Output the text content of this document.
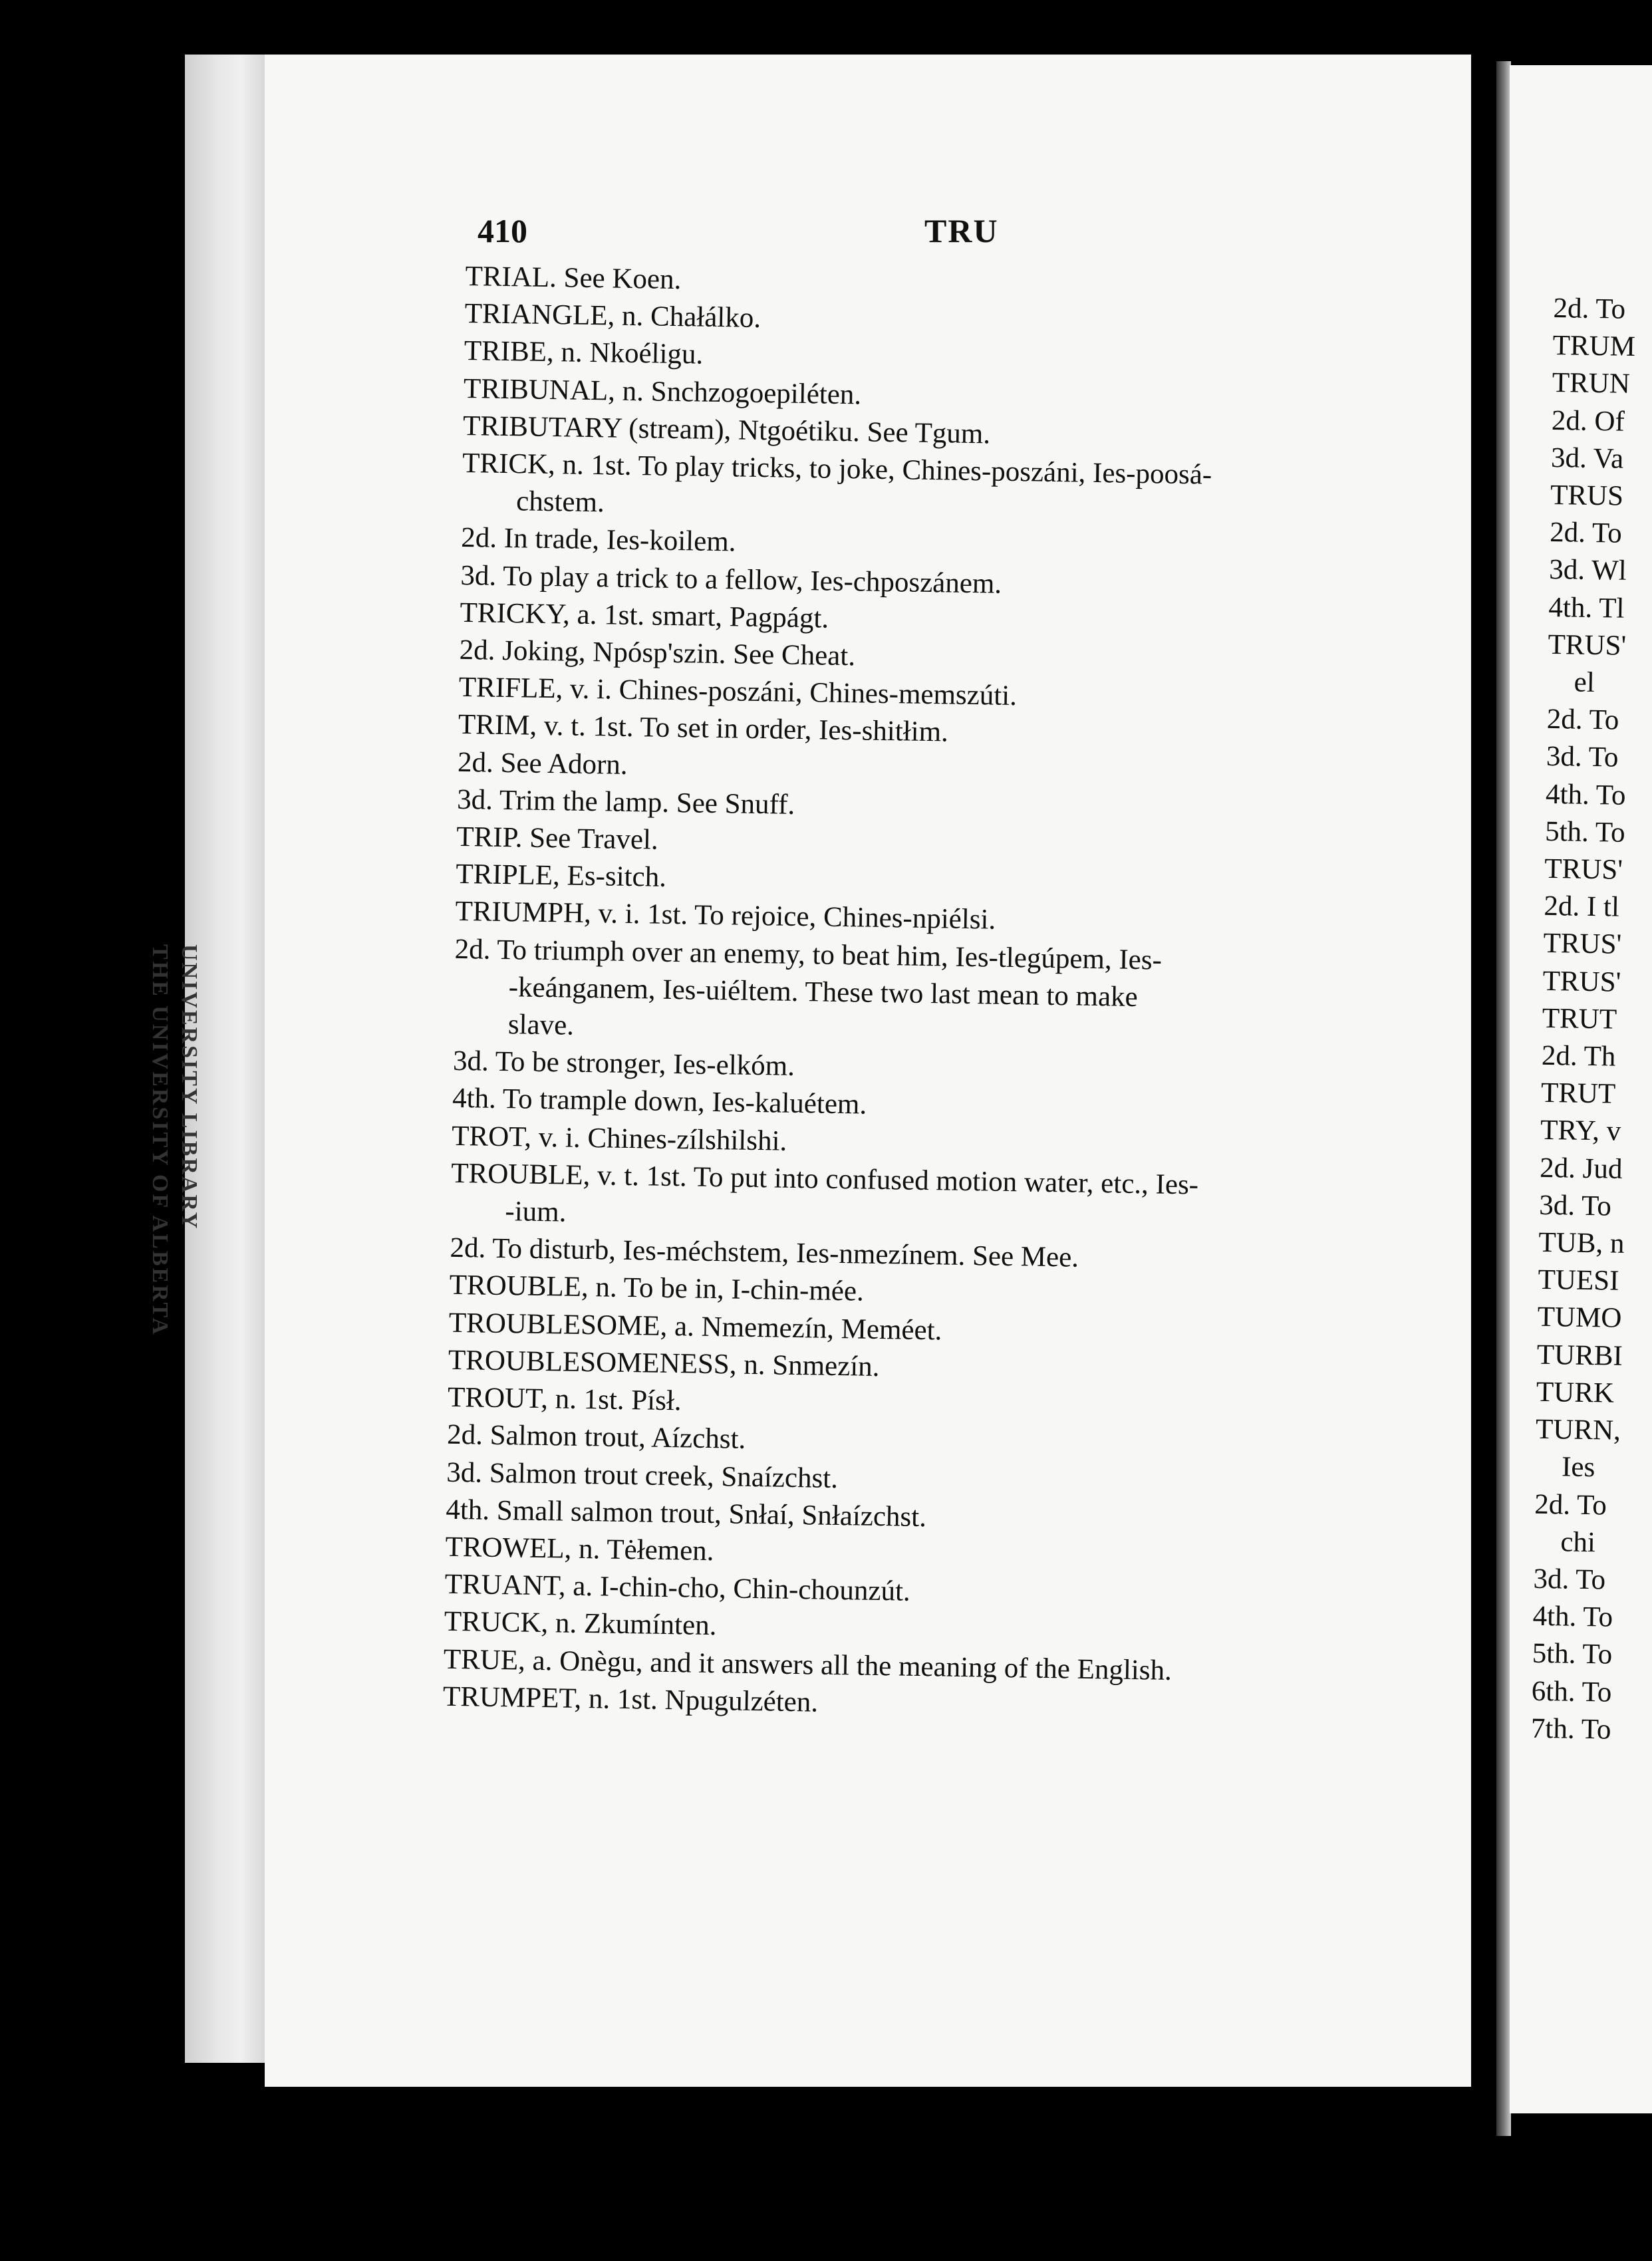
UNIVERSITY LIBRARY
THE UNIVERSITY OF ALBERTA
410	TRU
TRIAL. See Koen.
TRIANGLE, n. Chałálko.
TRIBE, n. Nkoéligu.
TRIBUNAL, n. Snchzogoepiléten.
TRIBUTARY (stream), Ntgoétiku. See Tgum.
TRICK, n. 1st. To play tricks, to joke, Chines-poszáni, Ies-poosá-
chstem.
2d. In trade, Ies-koilem.
3d. To play a trick to a fellow, Ies-chposzánem.
TRICKY, a. 1st. smart, Pagpágt.
2d. Joking, Npósp'szin. See Cheat.
TRIFLE, v. i. Chines-poszáni, Chines-memszúti.
TRIM, v. t. 1st. To set in order, Ies-shitłim.
2d. See Adorn.
3d. Trim the lamp. See Snuff.
TRIP. See Travel.
TRIPLE, Es-sitch.
TRIUMPH, v. i. 1st. To rejoice, Chines-npiélsi.
2d. To triumph over an enemy, to beat him, Ies-tlegúpem, Ies-
-keánganem, Ies-uiéltem. These two last mean to make
slave.
3d. To be stronger, Ies-elkóm.
4th. To trample down, Ies-kaluétem.
TROT, v. i. Chines-zílshilshi.
TROUBLE, v. t. 1st. To put into confused motion water, etc., Ies-
-ium.
2d. To disturb, Ies-méchstem, Ies-nmezínem. See Mee.
TROUBLE, n. To be in, I-chin-mée.
TROUBLESOME, a. Nmemezín, Meméet.
TROUBLESOMENESS, n. Snmezín.
TROUT, n. 1st. Písł.
2d. Salmon trout, Aízchst.
3d. Salmon trout creek, Snaízchst.
4th. Small salmon trout, Snłaí, Snłaízchst.
TROWEL, n. Tėłemen.
TRUANT, a. I-chin-cho, Chin-chounzút.
TRUCK, n. Zkumínten.
TRUE, a. Onègu, and it answers all the meaning of the English.
TRUMPET, n. 1st. Npugulzéten.
2d. To
TRUM
TRUN
2d. Of
3d. Va
TRUS
2d. To
3d. Wl
4th. Tl
TRUS'
el
2d. To
3d. To
4th. To
5th. To
TRUS'
2d. I tl
TRUS'
TRUS'
TRUT
2d. Th
TRUT
TRY, v
2d. Jud
3d. To
TUB, n
TUESI
TUMO
TURBI
TURK
TURN,
Ies
2d. To
chi
3d. To
4th. To
5th. To
6th. To
7th. To
